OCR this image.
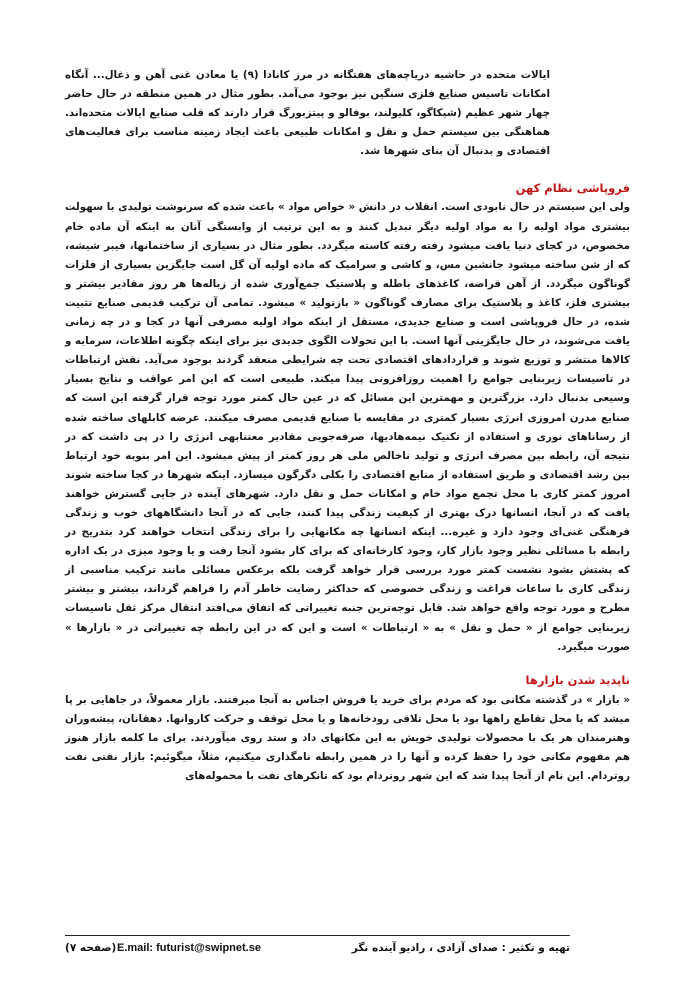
ایالات متحده در حاشیه دریاچه‌های هفتگانه در مرز کانادا (۹) یا معادن غنی آهن و ذغال... آنگاه امکانات تاسیس صنایع فلزی سنگین نیز بوجود می‌آمد. بطور مثال در همین منطقه در حال حاضر چهار شهر عظیم (شیکاگو، کلیولند، بوفالو و پیتزبورگ قرار دارند که قلب صنایع ایالات متحده‌اند. هماهنگی بین سیستم حمل و نقل و امکانات طبیعی باعث ایجاد زمینه مناسب برای فعالیت‌های اقتصادی و بدنبال آن بنای شهرها شد.

فروپاشی نظام کهن

ولی این سیستم در حال نابودی است. انقلاب در دانش « خواص مواد » باعث شده که سرنوشت تولیدی با سهولت بیشتری مواد اولیه را به مواد اولیه دیگر تبدیل کنند و به این ترتیب از وابستگی آنان به اینکه آن ماده خام مخصوص، در کجای دنیا یافت میشود رفته رفته کاسته میگردد. بطور مثال در بسیاری از ساختمانها، فیبر شیشه، که از شن ساخته میشود جانشین مس، و کاشی و سرامیک که ماده اولیه آن گل است جایگزین بسیاری از فلزات گوناگون میگردد. از آهن قراضه، کاغذهای باطله و پلاستیک جمع‌آوری شده از زباله‌ها هر روز مقادیر بیشتر و بیشتری فلز، کاغذ و پلاستیک برای مصارف گوناگون « بازتولید » میشود. تمامی آن ترکیب قدیمی صنایع تثبیت شده، در حال فروپاشی است و صنایع جدیدی، مستقل از اینکه مواد اولیه مصرفی آنها در کجا و در چه زمانی یافت می‌شوند، در حال جایگزینی آنها است. با این تحولات الگوی جدیدی نیز برای اینکه چگونه اطلاعات، سرمایه و کالاها منتشر و توزیع شوند و قراردادهای اقتصادی تحت چه شرایطی منعقد گردند بوجود می‌آید. نقش ارتباطات در تاسیسات زیربنایی جوامع را اهمیت روزافزونی پیدا میکند. طبیعی است که این امر عواقب و نتایج بسیار وسیعی بدنبال دارد. بزرگترین و مهمترین این مسائل که در عین حال کمتر مورد توجه قرار گرفته این است که صنایع مدرن امروزی انرژی بسیار کمتری در مقایسه با صنایع قدیمی مصرف میکنند. عرضه کابلهای ساخته شده از رسانا‌های نوری و استفاده از تکنیک نیمه‌هادیها، صرفه‌جویی مقادیر معتنابهی انرژی را در پی داشت که در نتیجه آن، رابطه بین مصرف انرژی و تولید ناخالص ملی هر روز کمتر از پیش میشود. این امر بنوبه خود ارتباط بین رشد اقتصادی و طریق استفاده از منابع اقتصادی را بکلی دگرگون میسازد. اینکه شهرها در کجا ساخته شوند امروز کمتر کاری با محل تجمع مواد خام و امکانات حمل و نقل دارد. شهرهای آینده در جایی گسترش خواهند یافت که در آنجا، انسانها درک بهتری از کیفیت زندگی پیدا کنند، جایی که در آنجا دانشگاههای خوب و زندگی فرهنگی غنی‌ای وجود دارد و غیره... اینکه انسانها چه مکانهایی را برای زندگی انتخاب خواهند کرد بتدریج در رابطه با مسائلی نظیر وجود بازار کار، وجود کارخانه‌ای که برای کار بشود آنجا رفت و یا وجود میزی در یک اداره که پشتش بشود نشست کمتر مورد بررسی قرار خواهد گرفت بلکه برعکس مسائلی مانند ترکیب مناسبی از زندگی کاری با ساعات فراغت و زندگی خصوصی که حداکثر رضایت خاطر آدم را فراهم گرداند، بیشتر و بیشتر مطرح و مورد توجه واقع خواهد شد. قابل توجه‌ترین جنبه تغییراتی که اتفاق می‌افتد انتقال مرکز ثقل تاسیسات زیربنایی جوامع از « حمل و نقل » به « ارتباطات » است و این که در این رابطه چه تغییراتی در « بازارها » صورت میگیرد.

ناپدید شدن بازارها

« بازار » در گذشته مکانی بود که مردم برای خرید یا فروش اجناس به آنجا میرفتند. بازار معمولاً، در جاهایی بر پا میشد که یا محل تقاطع راهها بود یا محل تلاقی رودخانه‌ها و یا محل توقف و حرکت کاروانها. دهقانان، پیشه‌وران وهنرمندان هر یک با محصولات تولیدی خویش به این مکانهای داد و ستد روی میآوردند. برای ما کلمه بازار هنوز هم مفهوم مکانی خود را حفظ کرده و آنها را در همین رابطه نامگذاری میکنیم، مثلاً، میگوئیم: بازار نفتی نفت روتردام. این نام از آنجا پیدا شد که این شهر روتردام بود که تانکرهای نفت با محموله‌های

تهیه و تکثیر : صدای آزادی ، رادیو آینده نگر
E.mail: futurist@swipnet.se
(صفحه ۷)
